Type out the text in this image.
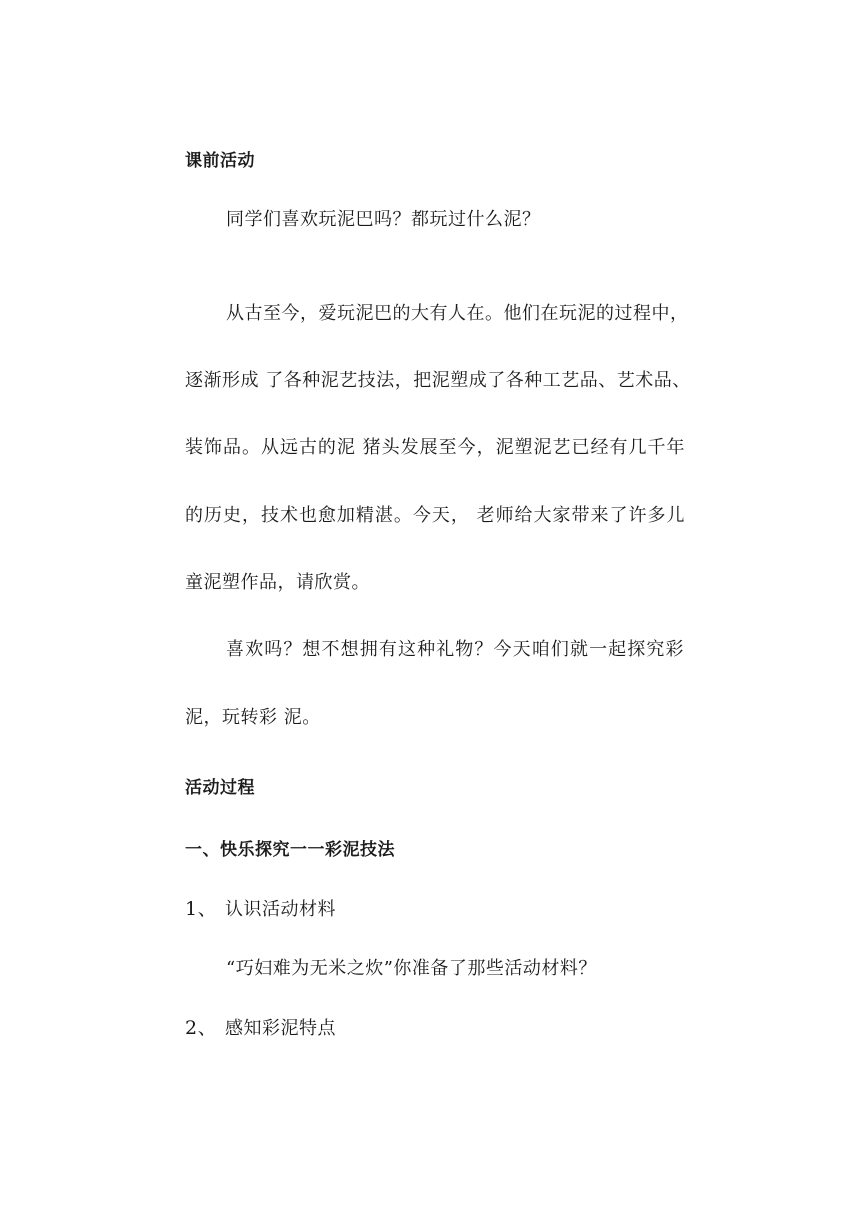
课前活动
同学们喜欢玩泥巴吗？都玩过什么泥？
从古至今，爱玩泥巴的大有人在。他们在玩泥的过程中，
逐渐形成 了各种泥艺技法，把泥塑成了各种工艺品、艺术品、
装饰品。从远古的泥 猪头发展至今，泥塑泥艺已经有几千年
的历史，技术也愈加精湛。今天， 老师给大家带来了许多儿
童泥塑作品，请欣赏。
喜欢吗？想不想拥有这种礼物？今天咱们就一起探究彩
泥，玩转彩 泥。
活动过程
一、快乐探究一一彩泥技法
1、 认识活动材料
“巧妇难为无米之炊”你准备了那些活动材料？
2、 感知彩泥特点
